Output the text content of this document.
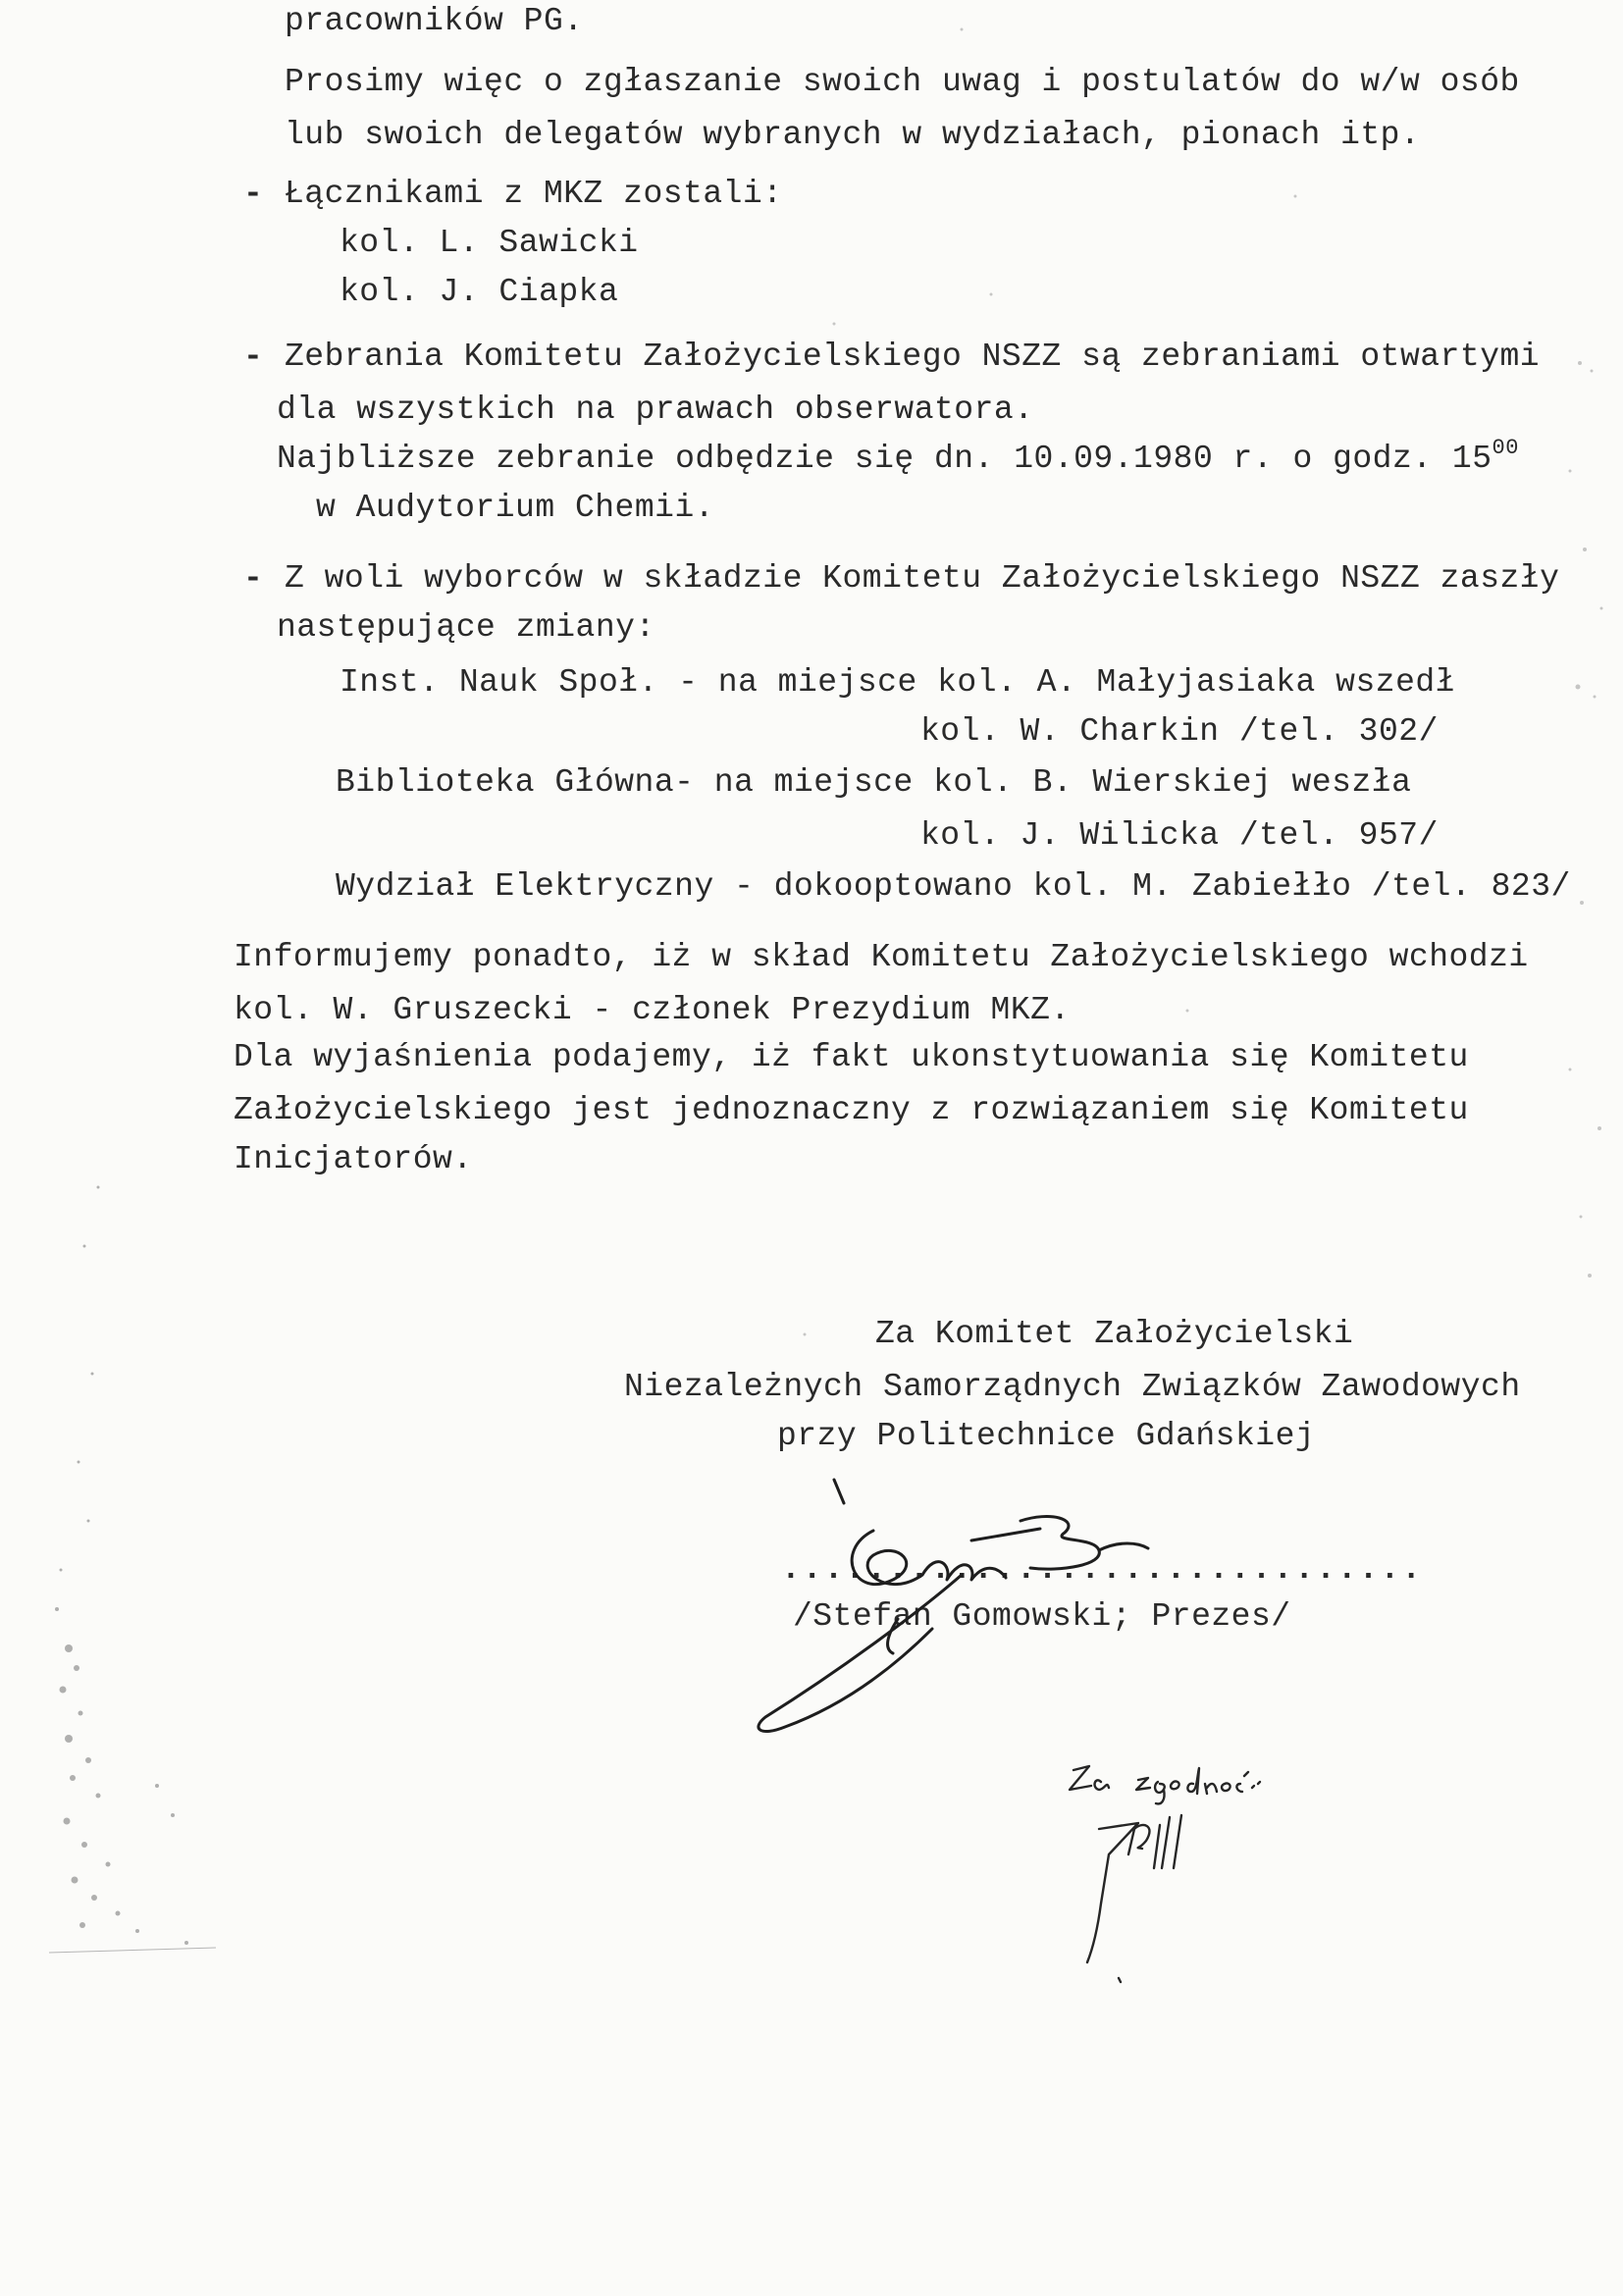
pracowników PG.
Prosimy więc o zgłaszanie swoich uwag i postulatów do w/w osób
lub swoich delegatów wybranych w wydziałach, pionach itp.
- Łącznikami z MKZ zostali:
kol. L. Sawicki
kol. J. Ciapka
- Zebrania Komitetu Założycielskiego NSZZ są zebraniami otwartymi
dla wszystkich na prawach obserwatora.
Najbliższe zebranie odbędzie się dn. 10.09.1980 r. o godz. $15^{00}$
w Audytorium Chemii.
- Z woli wyborców w składzie Komitetu Założycielskiego NSZZ zaszły
następujące zmiany:
Inst. Nauk Społ. - na miejsce kol. A. Małyjasiaka wszedł
kol. W. Charkin /tel. 302/
Biblioteka Główna- na miejsce kol. B. Wierskiej weszła
kol. J. Wilicka /tel. 957/
Wydział Elektryczny - dokooptowano kol. M. Zabiełło /tel. 823/
Informujemy ponadto, iż w skład Komitetu Założycielskiego wchodzi
kol. W. Gruszecki - członek Prezydium MKZ.
Dla wyjaśnienia podajemy, iż fakt ukonstytuowania się Komitetu
Założycielskiego jest jednoznaczny z rozwiązaniem się Komitetu
Inicjatorów.
Za Komitet Założycielski
Niezależnych Samorządnych Związków Zawodowych
przy Politechnice Gdańskiej
..............................
/Stefan Gomowski; Prezes/
